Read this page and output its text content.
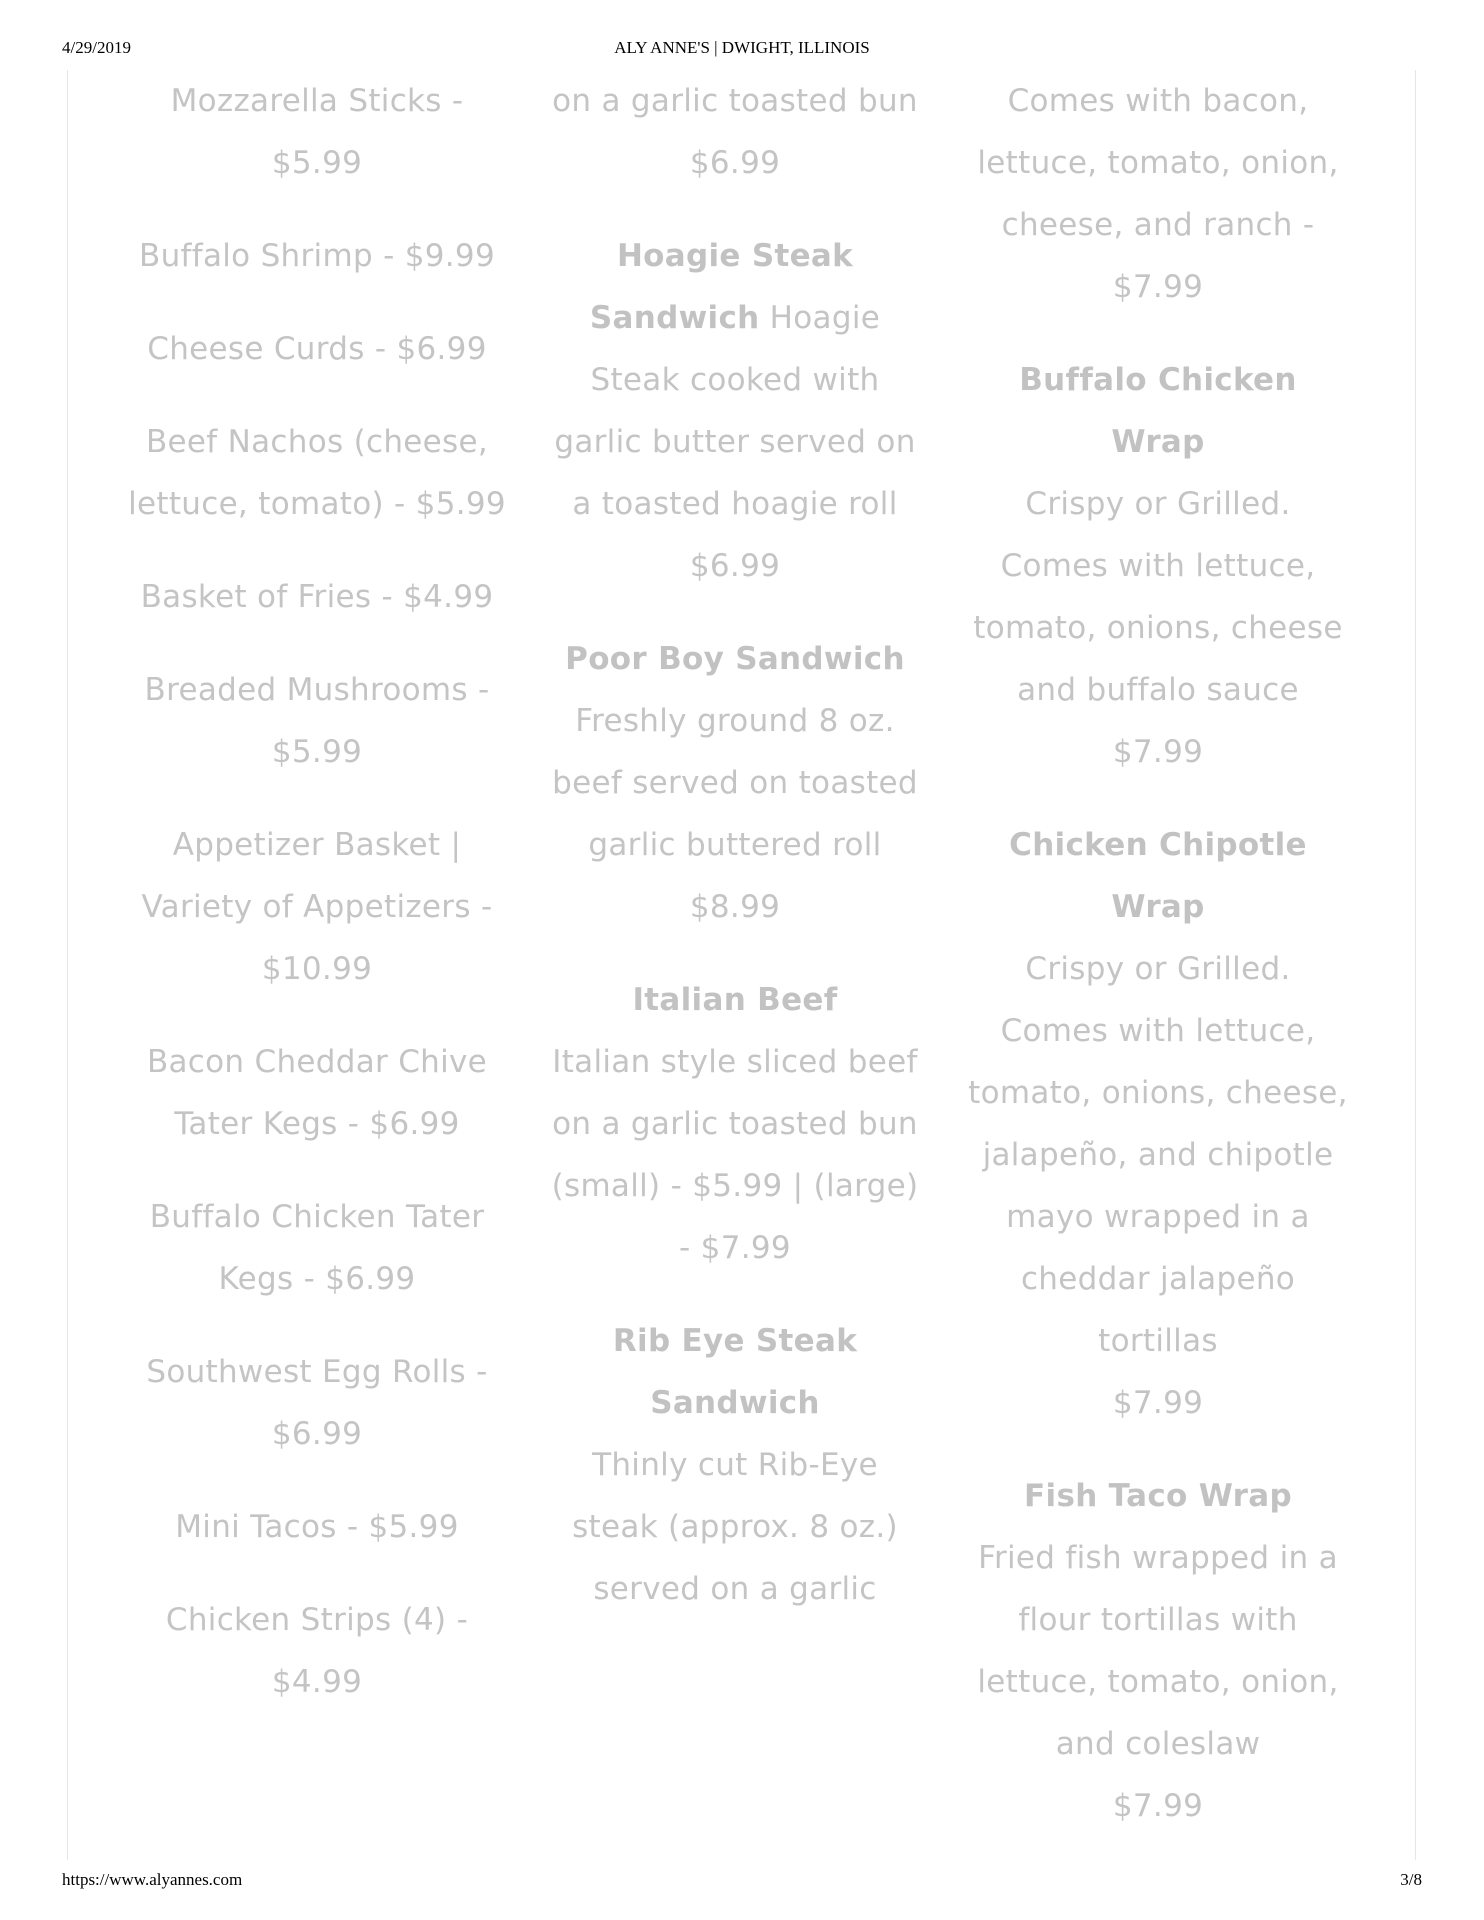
4/29/2019	ALY ANNE'S | DWIGHT, ILLINOIS
Mozzarella Sticks - $5.99
Buffalo Shrimp - $9.99
Cheese Curds - $6.99
Beef Nachos (cheese, lettuce, tomato) - $5.99
Basket of Fries - $4.99
Breaded Mushrooms - $5.99
Appetizer Basket | Variety of Appetizers - $10.99
Bacon Cheddar Chive Tater Kegs - $6.99
Buffalo Chicken Tater Kegs - $6.99
Southwest Egg Rolls - $6.99
Mini Tacos - $5.99
Chicken Strips (4) - $4.99
on a garlic toasted bun
$6.99
Hoagie Steak Sandwich Hoagie Steak cooked with garlic butter served on a toasted hoagie roll
$6.99
Poor Boy Sandwich
Freshly ground 8 oz. beef served on toasted garlic buttered roll
$8.99
Italian Beef
Italian style sliced beef on a garlic toasted bun (small) - $5.99 | (large) - $7.99
Rib Eye Steak Sandwich
Thinly cut Rib-Eye steak (approx. 8 oz.) served on a garlic
Comes with bacon, lettuce, tomato, onion, cheese, and ranch - $7.99
Buffalo Chicken Wrap
Crispy or Grilled. Comes with lettuce, tomato, onions, cheese and buffalo sauce
$7.99
Chicken Chipotle Wrap
Crispy or Grilled. Comes with lettuce, tomato, onions, cheese, jalapeño, and chipotle mayo wrapped in a cheddar jalapeño tortillas
$7.99
Fish Taco Wrap
Fried fish wrapped in a flour tortillas with lettuce, tomato, onion, and coleslaw
$7.99
https://www.alyannes.com	3/8
